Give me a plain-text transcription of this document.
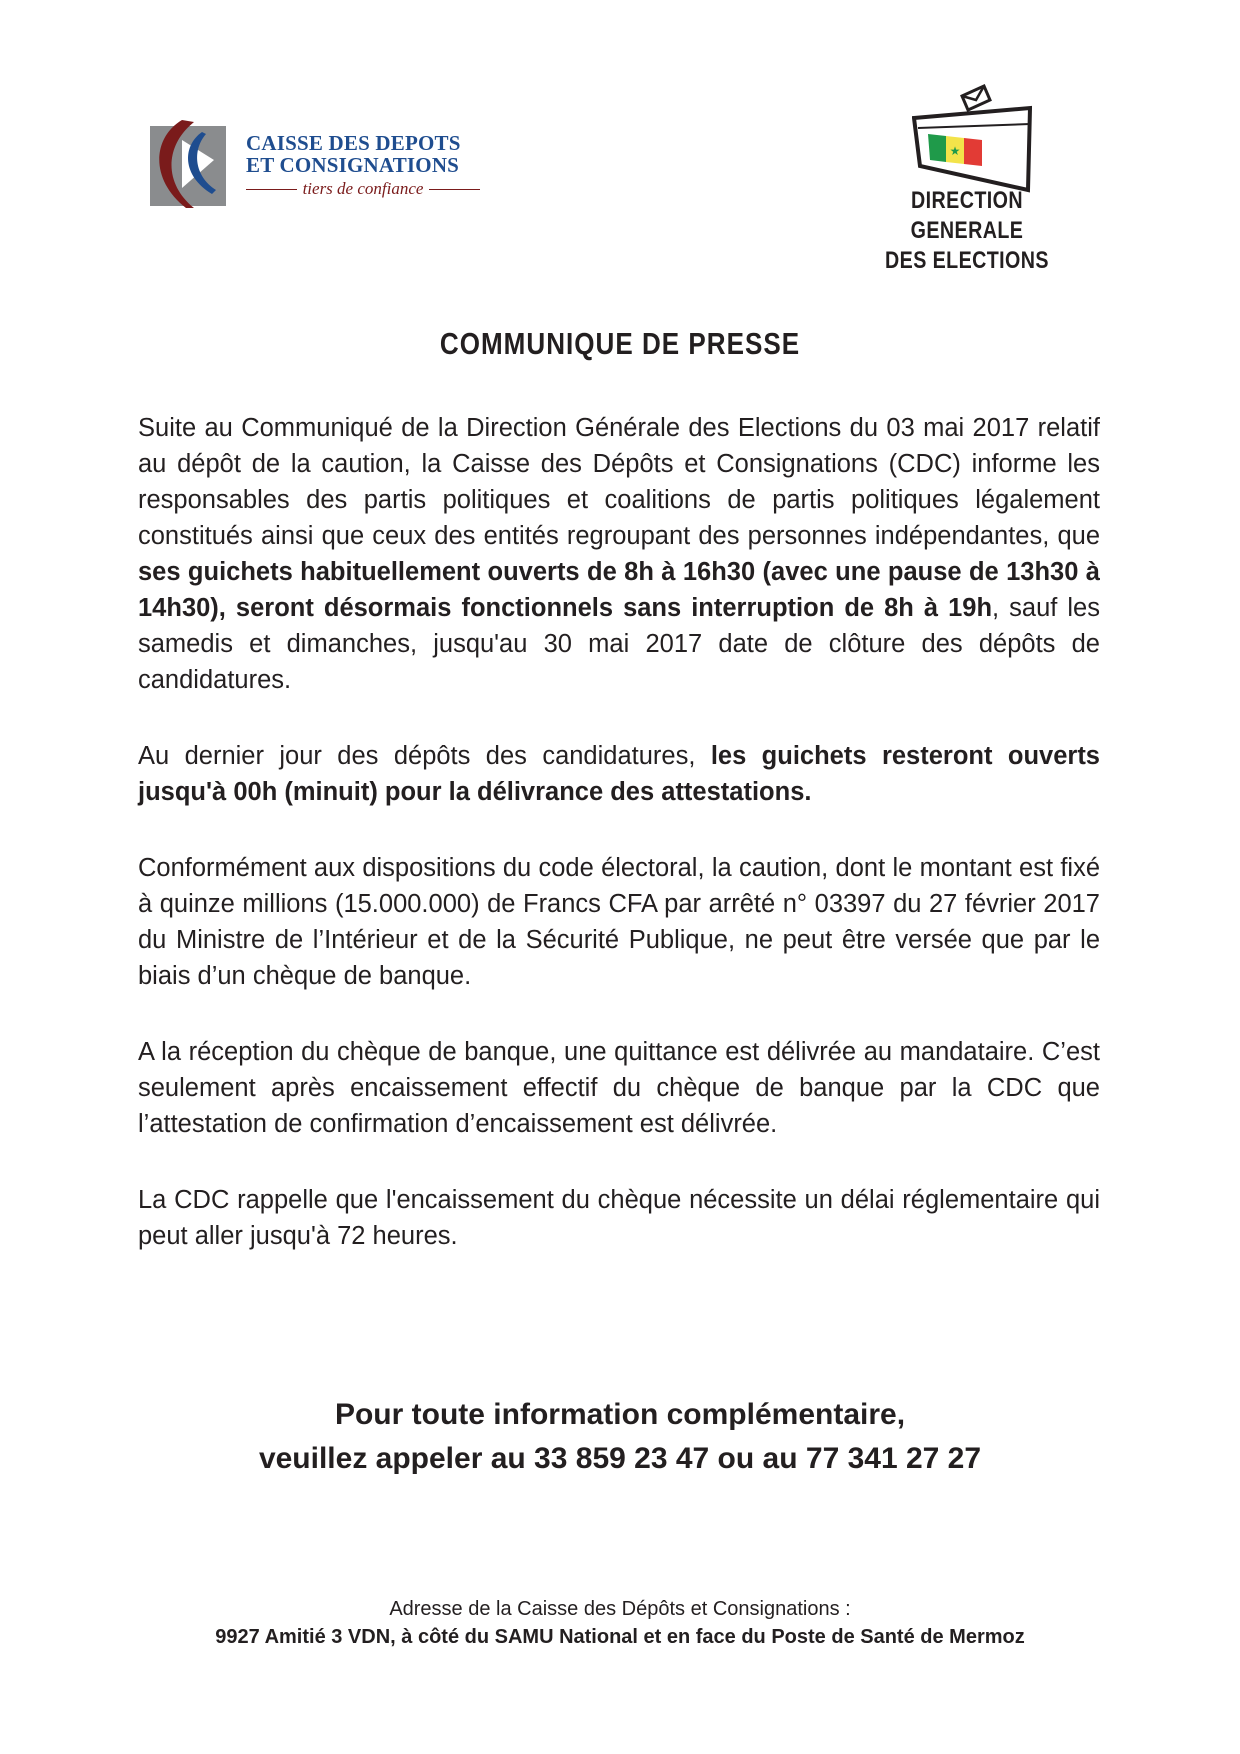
CAISSE DES DEPOTS
ET CONSIGNATIONS
tiers de confiance
★
DIRECTION GENERALE
DES ELECTIONS
COMMUNIQUE DE PRESSE

Suite au Communiqué de la Direction Générale des Elections du 03 mai 2017 relatif au dépôt de la caution, la Caisse des Dépôts et Consignations (CDC) informe les responsables des partis politiques et coalitions de partis politiques légalement constitués ainsi que ceux des entités regroupant des personnes indépendantes, que ses guichets habituellement ouverts de 8h à 16h30 (avec une pause de 13h30 à 14h30), seront désormais fonctionnels sans interruption de 8h à 19h, sauf les samedis et dimanches, jusqu'au 30 mai 2017 date de clôture des dépôts de candidatures.

Au dernier jour des dépôts des candidatures, les guichets resteront ouverts jusqu'à 00h (minuit) pour la délivrance des attestations.

Conformément aux dispositions du code électoral, la caution, dont le montant est fixé à quinze millions (15.000.000) de Francs CFA par arrêté n° 03397 du 27 février 2017 du Ministre de l’Intérieur et de la Sécurité Publique, ne peut être versée que par le biais d’un chèque de banque.

A la réception du chèque de banque, une quittance est délivrée au mandataire. C’est seulement après encaissement effectif du chèque de banque par la CDC que l’attestation de confirmation d’encaissement est délivrée.

La CDC rappelle que l'encaissement du chèque nécessite un délai réglementaire qui peut aller jusqu'à 72 heures.

Pour toute information complémentaire,
veuillez appeler au 33 859 23 47 ou au 77 341 27 27
Adresse de la Caisse des Dépôts et Consignations :
9927 Amitié 3 VDN, à côté du SAMU National et en face du Poste de Santé de Mermoz
